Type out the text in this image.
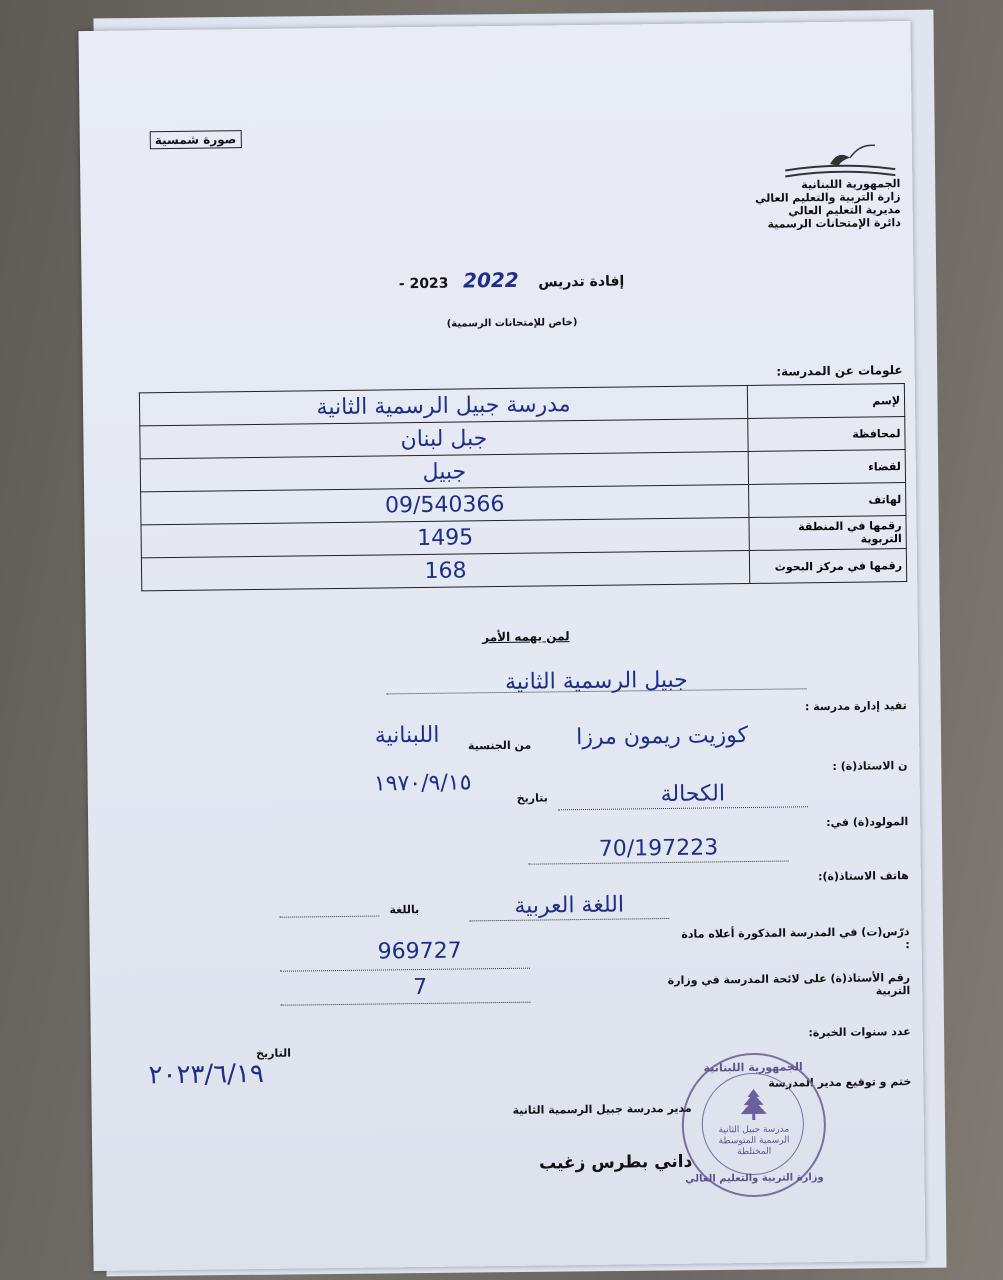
صورة شمسية
الجمهورية اللبنانية
زارة التربية والتعليم العالي
مديرية التعليم العالي
دائرة الإمتحانات الرسمية
إفادة تدريس    2022   2023 -
(خاص للإمتحانات الرسمية)
علومات عن المدرسة:
لإسم	مدرسة جبيل الرسمية الثانية
لمحافظة	جبل لبنان
لقضاء	جبيل
لهاتف	09/540366
رقمها في المنطقة التربوية	1495
رقمها في مركز البحوث	168
لمن يهمه الأمر
تفيد إدارة مدرسة :
جبيل الرسمية الثانية
ن الاستاذ(ة) :
كوزيت ريمون مرزا
من الجنسية
اللبنانية
المولود(ة) في:
الكحالة
بتاريخ
١٩٧٠/٩/١٥
هاتف الاستاذ(ة):
70/197223
درّس(ت) في المدرسة المذكورة أعلاه مادة :
اللغة العربية
باللغة
رقم الأستاذ(ة) على لائحة المدرسة في وزارة التربية
969727
عدد سنوات الخبرة:
7
التاريخ
٢٠٢٣/٦/١٩	ختم و توقيع مدير المدرسة
الجمهورية اللبنانية
مدرسة جبيل الثانية الرسمية المتوسطة المختلطة
وزارة التربية والتعليم العالي
مدير مدرسة جبيل الرسمية الثانية
داني بطرس زغيب
